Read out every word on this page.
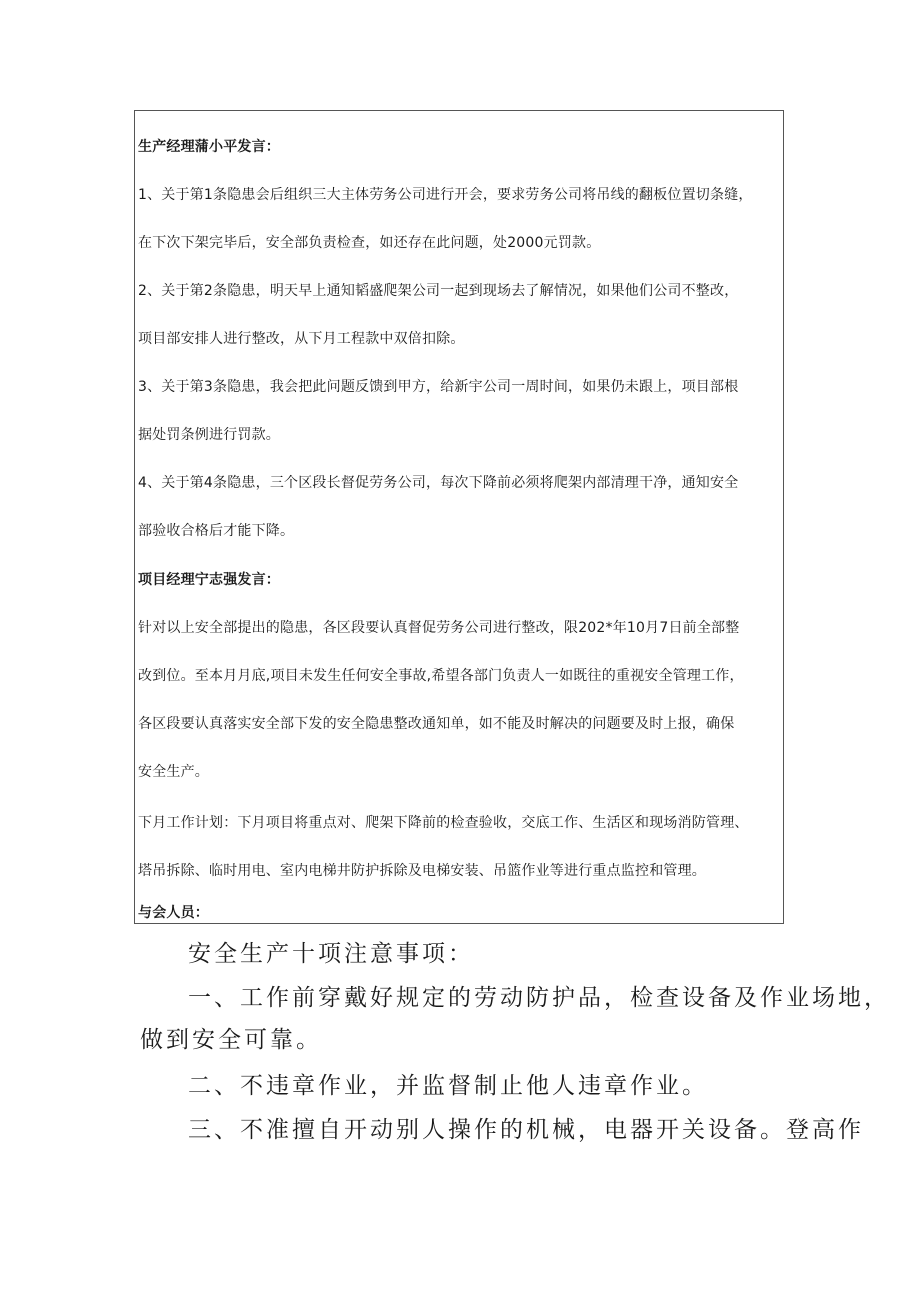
生产经理蒲小平发言：

1、关于第1条隐患会后组织三大主体劳务公司进行开会，要求劳务公司将吊线的翻板位置切条缝，

在下次下架完毕后，安全部负责检查，如还存在此问题，处2000元罚款。

2、关于第2条隐患，明天早上通知韬盛爬架公司一起到现场去了解情况，如果他们公司不整改，

项目部安排人进行整改，从下月工程款中双倍扣除。

3、关于第3条隐患，我会把此问题反馈到甲方，给新宇公司一周时间，如果仍未跟上，项目部根

据处罚条例进行罚款。

4、关于第4条隐患，三个区段长督促劳务公司，每次下降前必须将爬架内部清理干净，通知安全

部验收合格后才能下降。

项目经理宁志强发言：

针对以上安全部提出的隐患，各区段要认真督促劳务公司进行整改，限202*年10月7日前全部整

改到位。至本月月底,项目未发生任何安全事故,希望各部门负责人一如既往的重视安全管理工作，

各区段要认真落实安全部下发的安全隐患整改通知单，如不能及时解决的问题要及时上报，确保

安全生产。

下月工作计划：下月项目将重点对、爬架下降前的检查验收，交底工作、生活区和现场消防管理、

塔吊拆除、临时用电、室内电梯井防护拆除及电梯安装、吊篮作业等进行重点监控和管理。

与会人员：

安全生产十项注意事项：

一、工作前穿戴好规定的劳动防护品，检查设备及作业场地，

做到安全可靠。

二、不违章作业，并监督制止他人违章作业。

三、不准擅自开动别人操作的机械，电器开关设备。登高作
